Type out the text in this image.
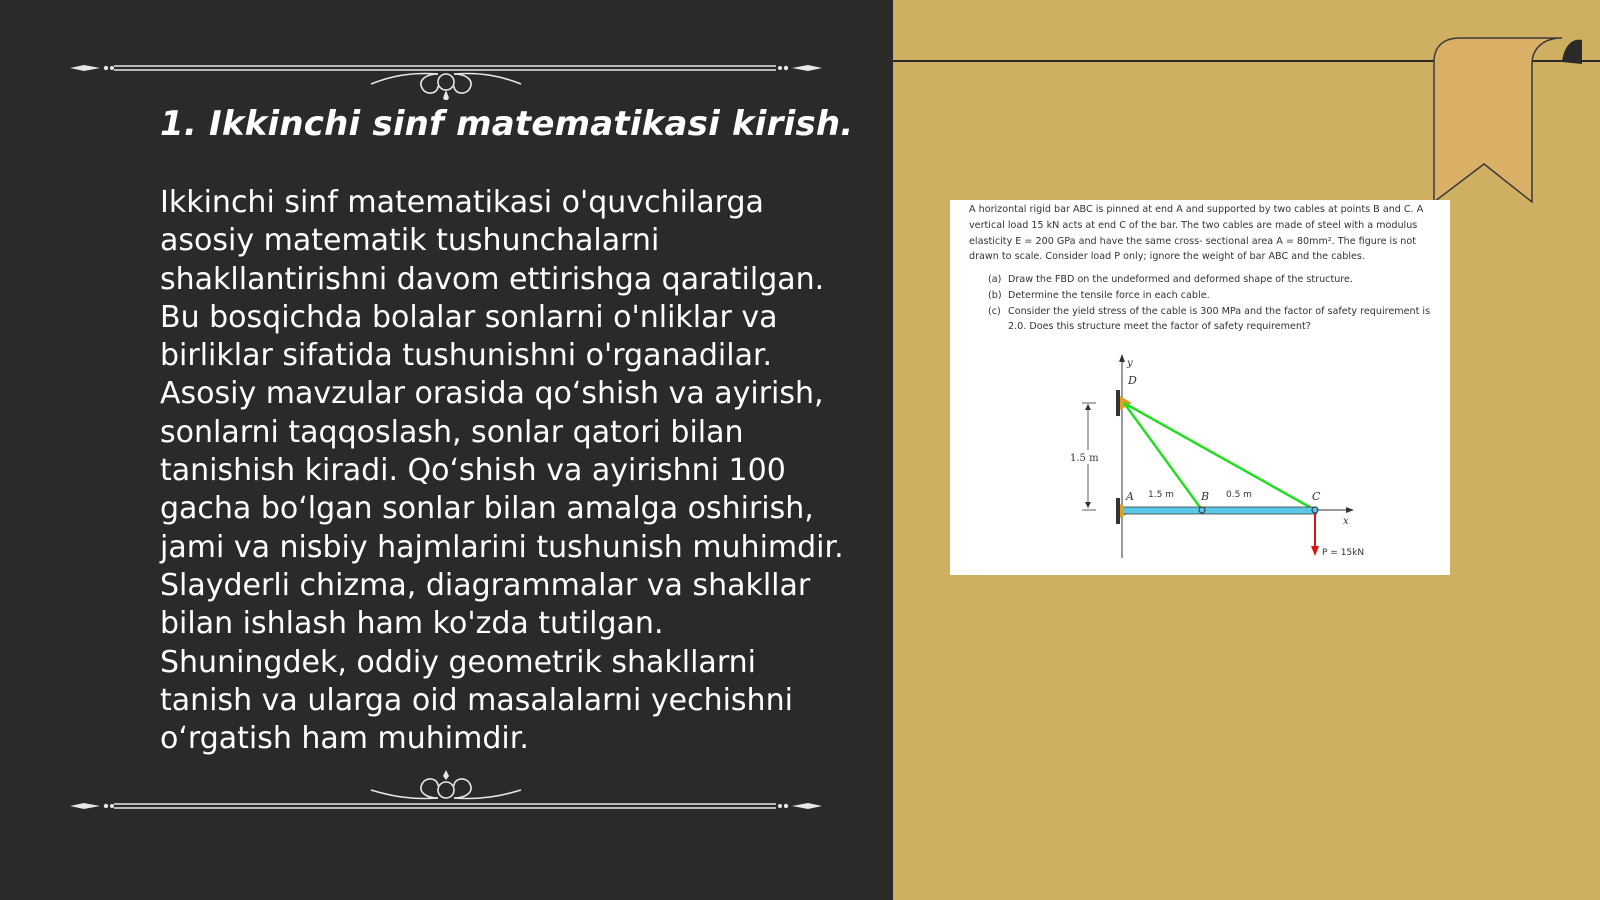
1. Ikkinchi sinf matematikasi kirish.

Ikkinchi sinf matematikasi o'quvchilarga asosiy matematik tushunchalarni shakllantirishni davom ettirishga qaratilgan. Bu bosqichda bolalar sonlarni o'nliklar va birliklar sifatida tushunishni o'rganadilar. Asosiy mavzular orasida qo‘shish va ayirish, sonlarni taqqoslash, sonlar qatori bilan tanishish kiradi. Qo‘shish va ayirishni 100 gacha bo‘lgan sonlar bilan amalga oshirish, jami va nisbiy hajmlarini tushunish muhimdir. Slayderli chizma, diagrammalar va shakllar bilan ishlash ham ko'zda tutilgan. Shuningdek, oddiy geometrik shakllarni tanish va ularga oid masalalarni yechishni o‘rgatish ham muhimdir.

A horizontal rigid bar ABC is pinned at end A and supported by two cables at points B and C. A vertical load 15 kN acts at end C of the bar. The two cables are made of steel with a modulus elasticity E = 200 GPa and have the same cross- sectional area A = 80mm². The figure is not drawn to scale. Consider load P only; ignore the weight of bar ABC and the cables.

(a) Draw the FBD on the undeformed and deformed shape of the structure.
(b) Determine the tensile force in each cable.
(c) Consider the yield stress of the cable is 300 MPa and the factor of safety requirement is 2.0. Does this structure meet the factor of safety requirement?
y
D
x
A	B	C
1.5 m	0.5 m
1.5 m
P = 15kN
